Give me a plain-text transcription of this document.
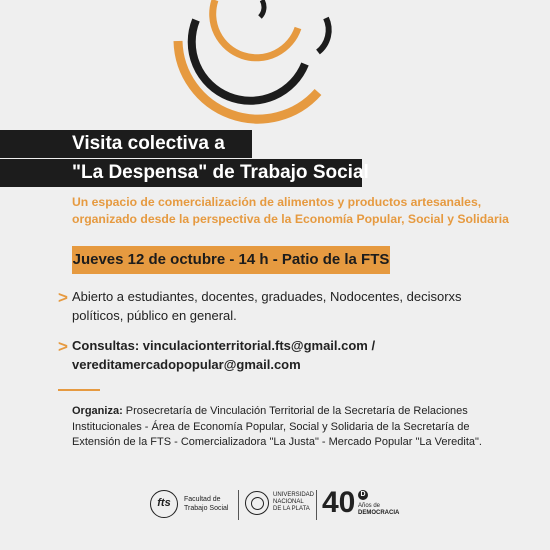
Visita colectiva a
"La Despensa" de Trabajo Social
Un espacio de comercialización de alimentos y productos artesanales,
organizado desde la perspectiva de la Economía Popular, Social y Solidaria
Jueves 12 de octubre - 14 h - Patio de la FTS
> Abierto a estudiantes, docentes, graduades, Nodocentes, decisorxs
políticos, público en general.
> Consultas: vinculacionterritorial.fts@gmail.com /
vereditamercadopopular@gmail.com
Organiza: Prosecretaría de Vinculación Territorial de la Secretaría de Relaciones
Institucionales - Área de Economía Popular, Social y Solidaria de la Secretaría de
Extensión de la FTS - Comercializadora "La Justa" - Mercado Popular "La Veredita".
fts	Facultad de
Trabajo Social
UNIVERSIDAD
NACIONAL
DE LA PLATA 40 D
Años de
DEMOCRACIA
